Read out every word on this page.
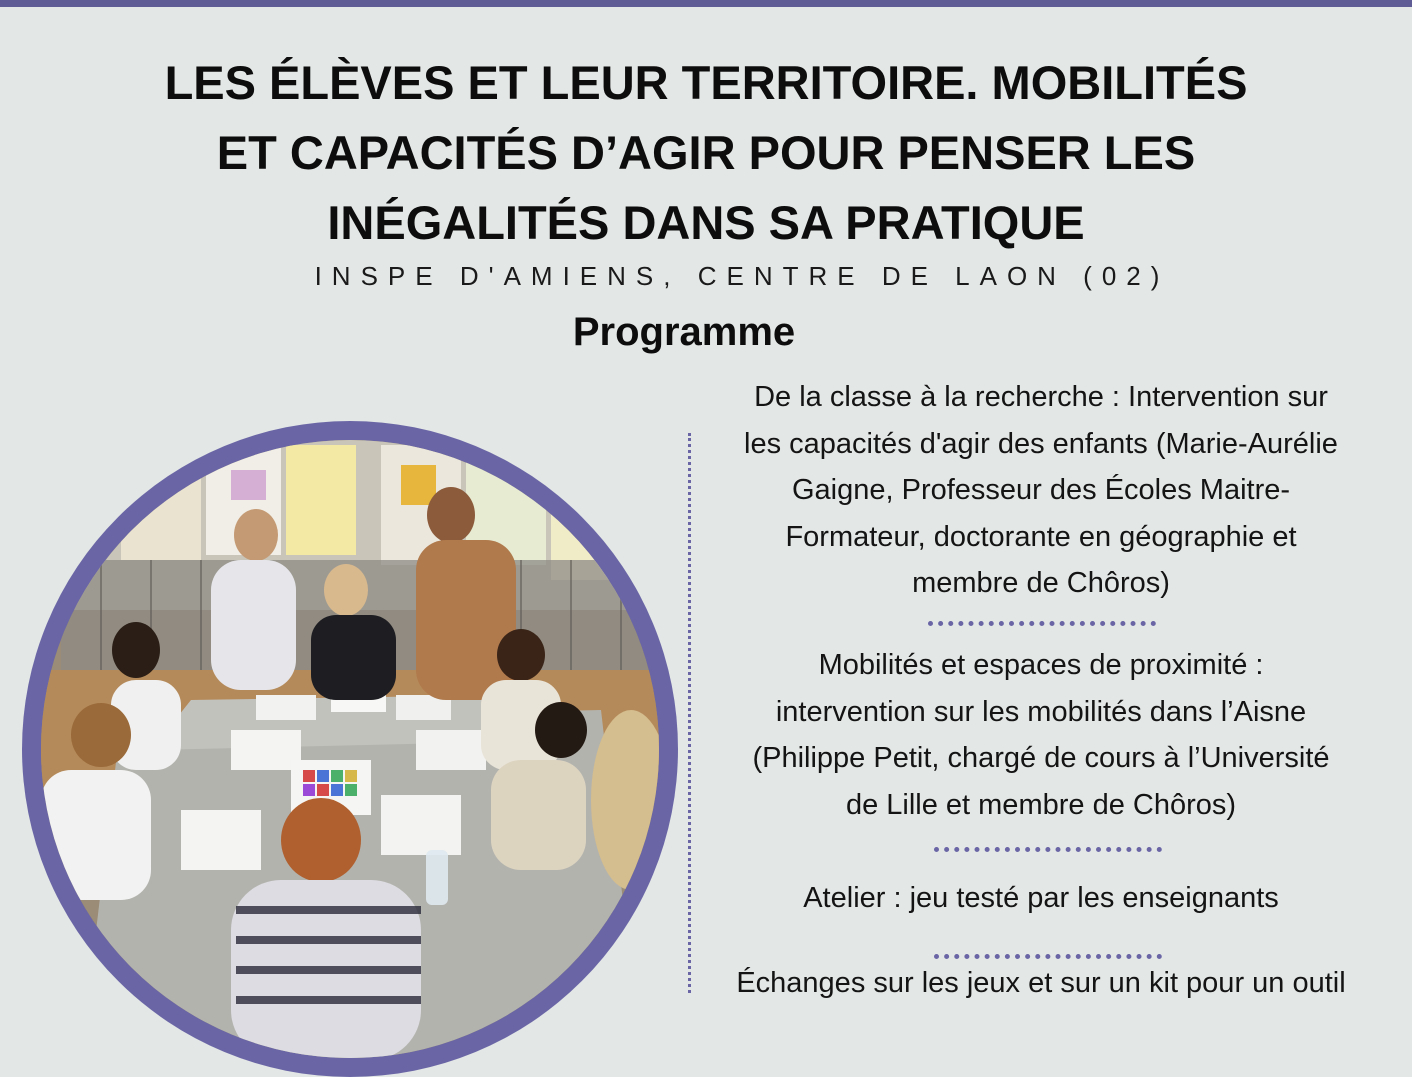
LES ÉLÈVES ET LEUR TERRITOIRE. MOBILITÉS
ET CAPACITÉS D’AGIR POUR PENSER LES
INÉGALITÉS DANS SA PRATIQUE
INSPE D'AMIENS, CENTRE DE LAON (02)
Programme
De la classe à la recherche : Intervention sur
les capacités d'agir des enfants (Marie-Aurélie
Gaigne, Professeur des Écoles Maitre-
Formateur, doctorante en géographie et
membre de Chôros)
Mobilités et espaces de proximité :
intervention sur les mobilités dans l’Aisne
(Philippe Petit, chargé de cours à l’Université
de Lille et membre de Chôros)
Atelier : jeu testé par les enseignants
Échanges sur les jeux et sur un kit pour un outil
